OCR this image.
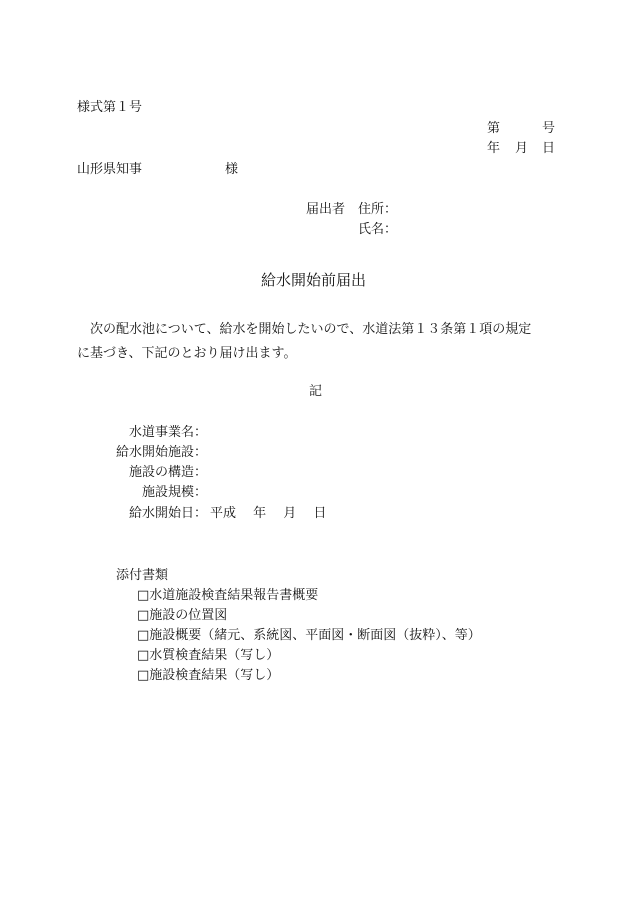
様式第１号
第	号
年 月 日
山形県知事	様
届出者 住所：
氏名：
給水開始前届出
次の配水池について、給水を開始したいので、水道法第１３条第１項の規定
に基づき、下記のとおり届け出ます。
記
水道事業名：
給水開始施設：
施設の構造：
施設規模：
給水開始日： 平成　 年　 月　 日
添付書類
□水道施設検査結果報告書概要
□施設の位置図
□施設概要（緒元、系統図、平面図・断面図（抜粋）、等）
□水質検査結果（写し）
□施設検査結果（写し）
